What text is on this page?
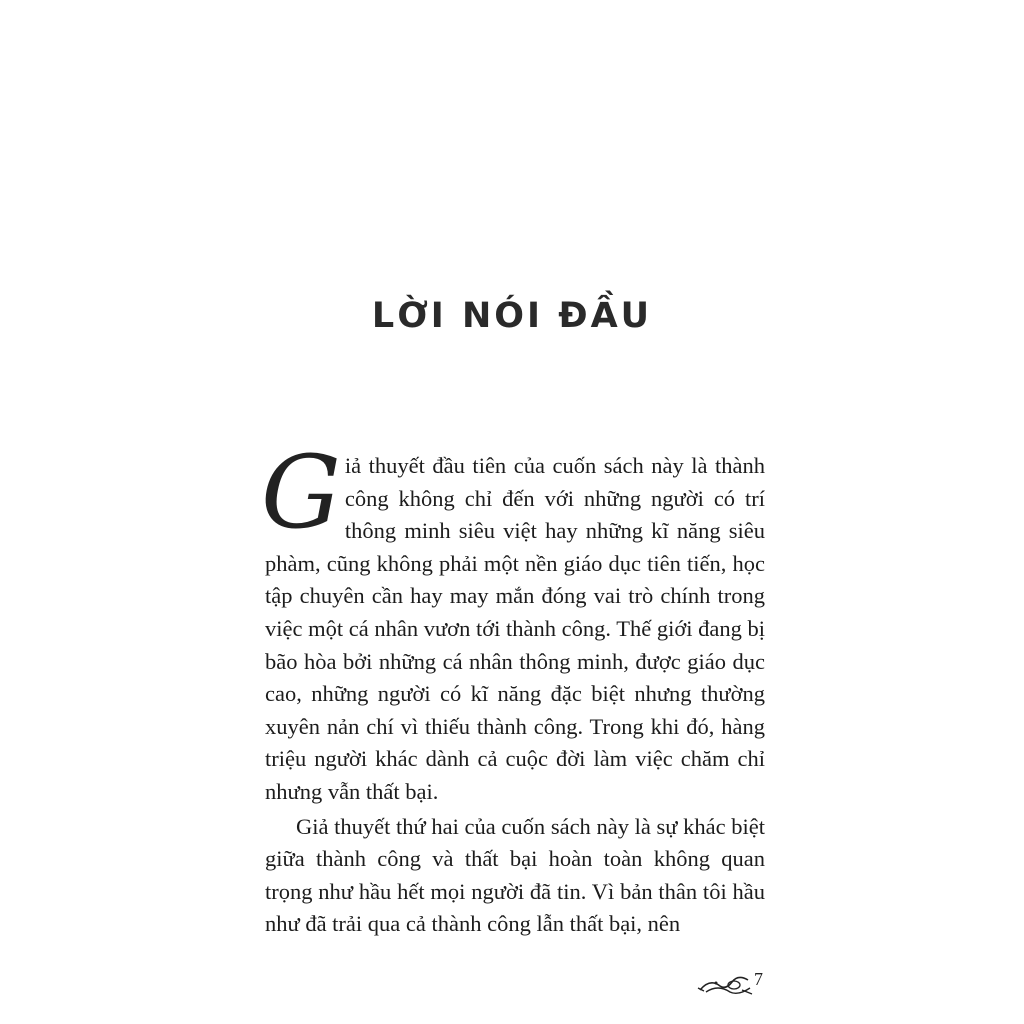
LỜI NÓI ĐẦU

Giả thuyết đầu tiên của cuốn sách này là thành công không chỉ đến với những người có trí thông minh siêu việt hay những kĩ năng siêu phàm, cũng không phải một nền giáo dục tiên tiến, học tập chuyên cần hay may mắn đóng vai trò chính trong việc một cá nhân vươn tới thành công. Thế giới đang bị bão hòa bởi những cá nhân thông minh, được giáo dục cao, những người có kĩ năng đặc biệt nhưng thường xuyên nản chí vì thiếu thành công. Trong khi đó, hàng triệu người khác dành cả cuộc đời làm việc chăm chỉ nhưng vẫn thất bại.

Giả thuyết thứ hai của cuốn sách này là sự khác biệt giữa thành công và thất bại hoàn toàn không quan trọng như hầu hết mọi người đã tin. Vì bản thân tôi hầu như đã trải qua cả thành công lẫn thất bại, nên

7
